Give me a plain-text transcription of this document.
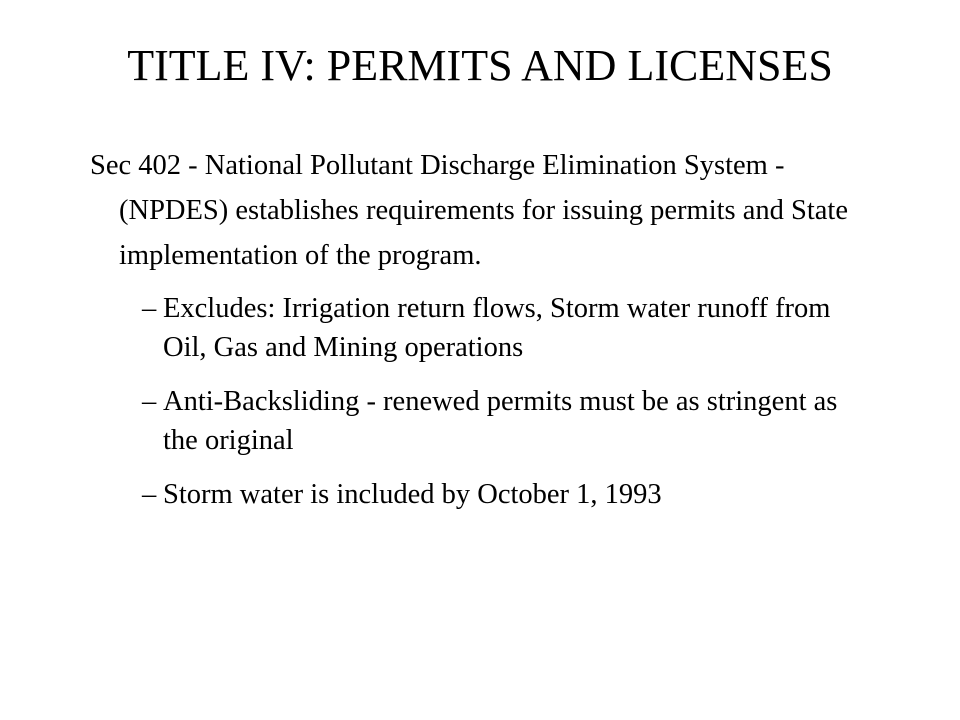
TITLE IV: PERMITS AND LICENSES

Sec 402 - National Pollutant Discharge Elimination System - (NPDES) establishes requirements for issuing permits and State implementation of the program.

– Excludes: Irrigation return flows, Storm water runoff from Oil, Gas and Mining operations
– Anti-Backsliding - renewed permits must be as stringent as the original
– Storm water is included by October 1, 1993
